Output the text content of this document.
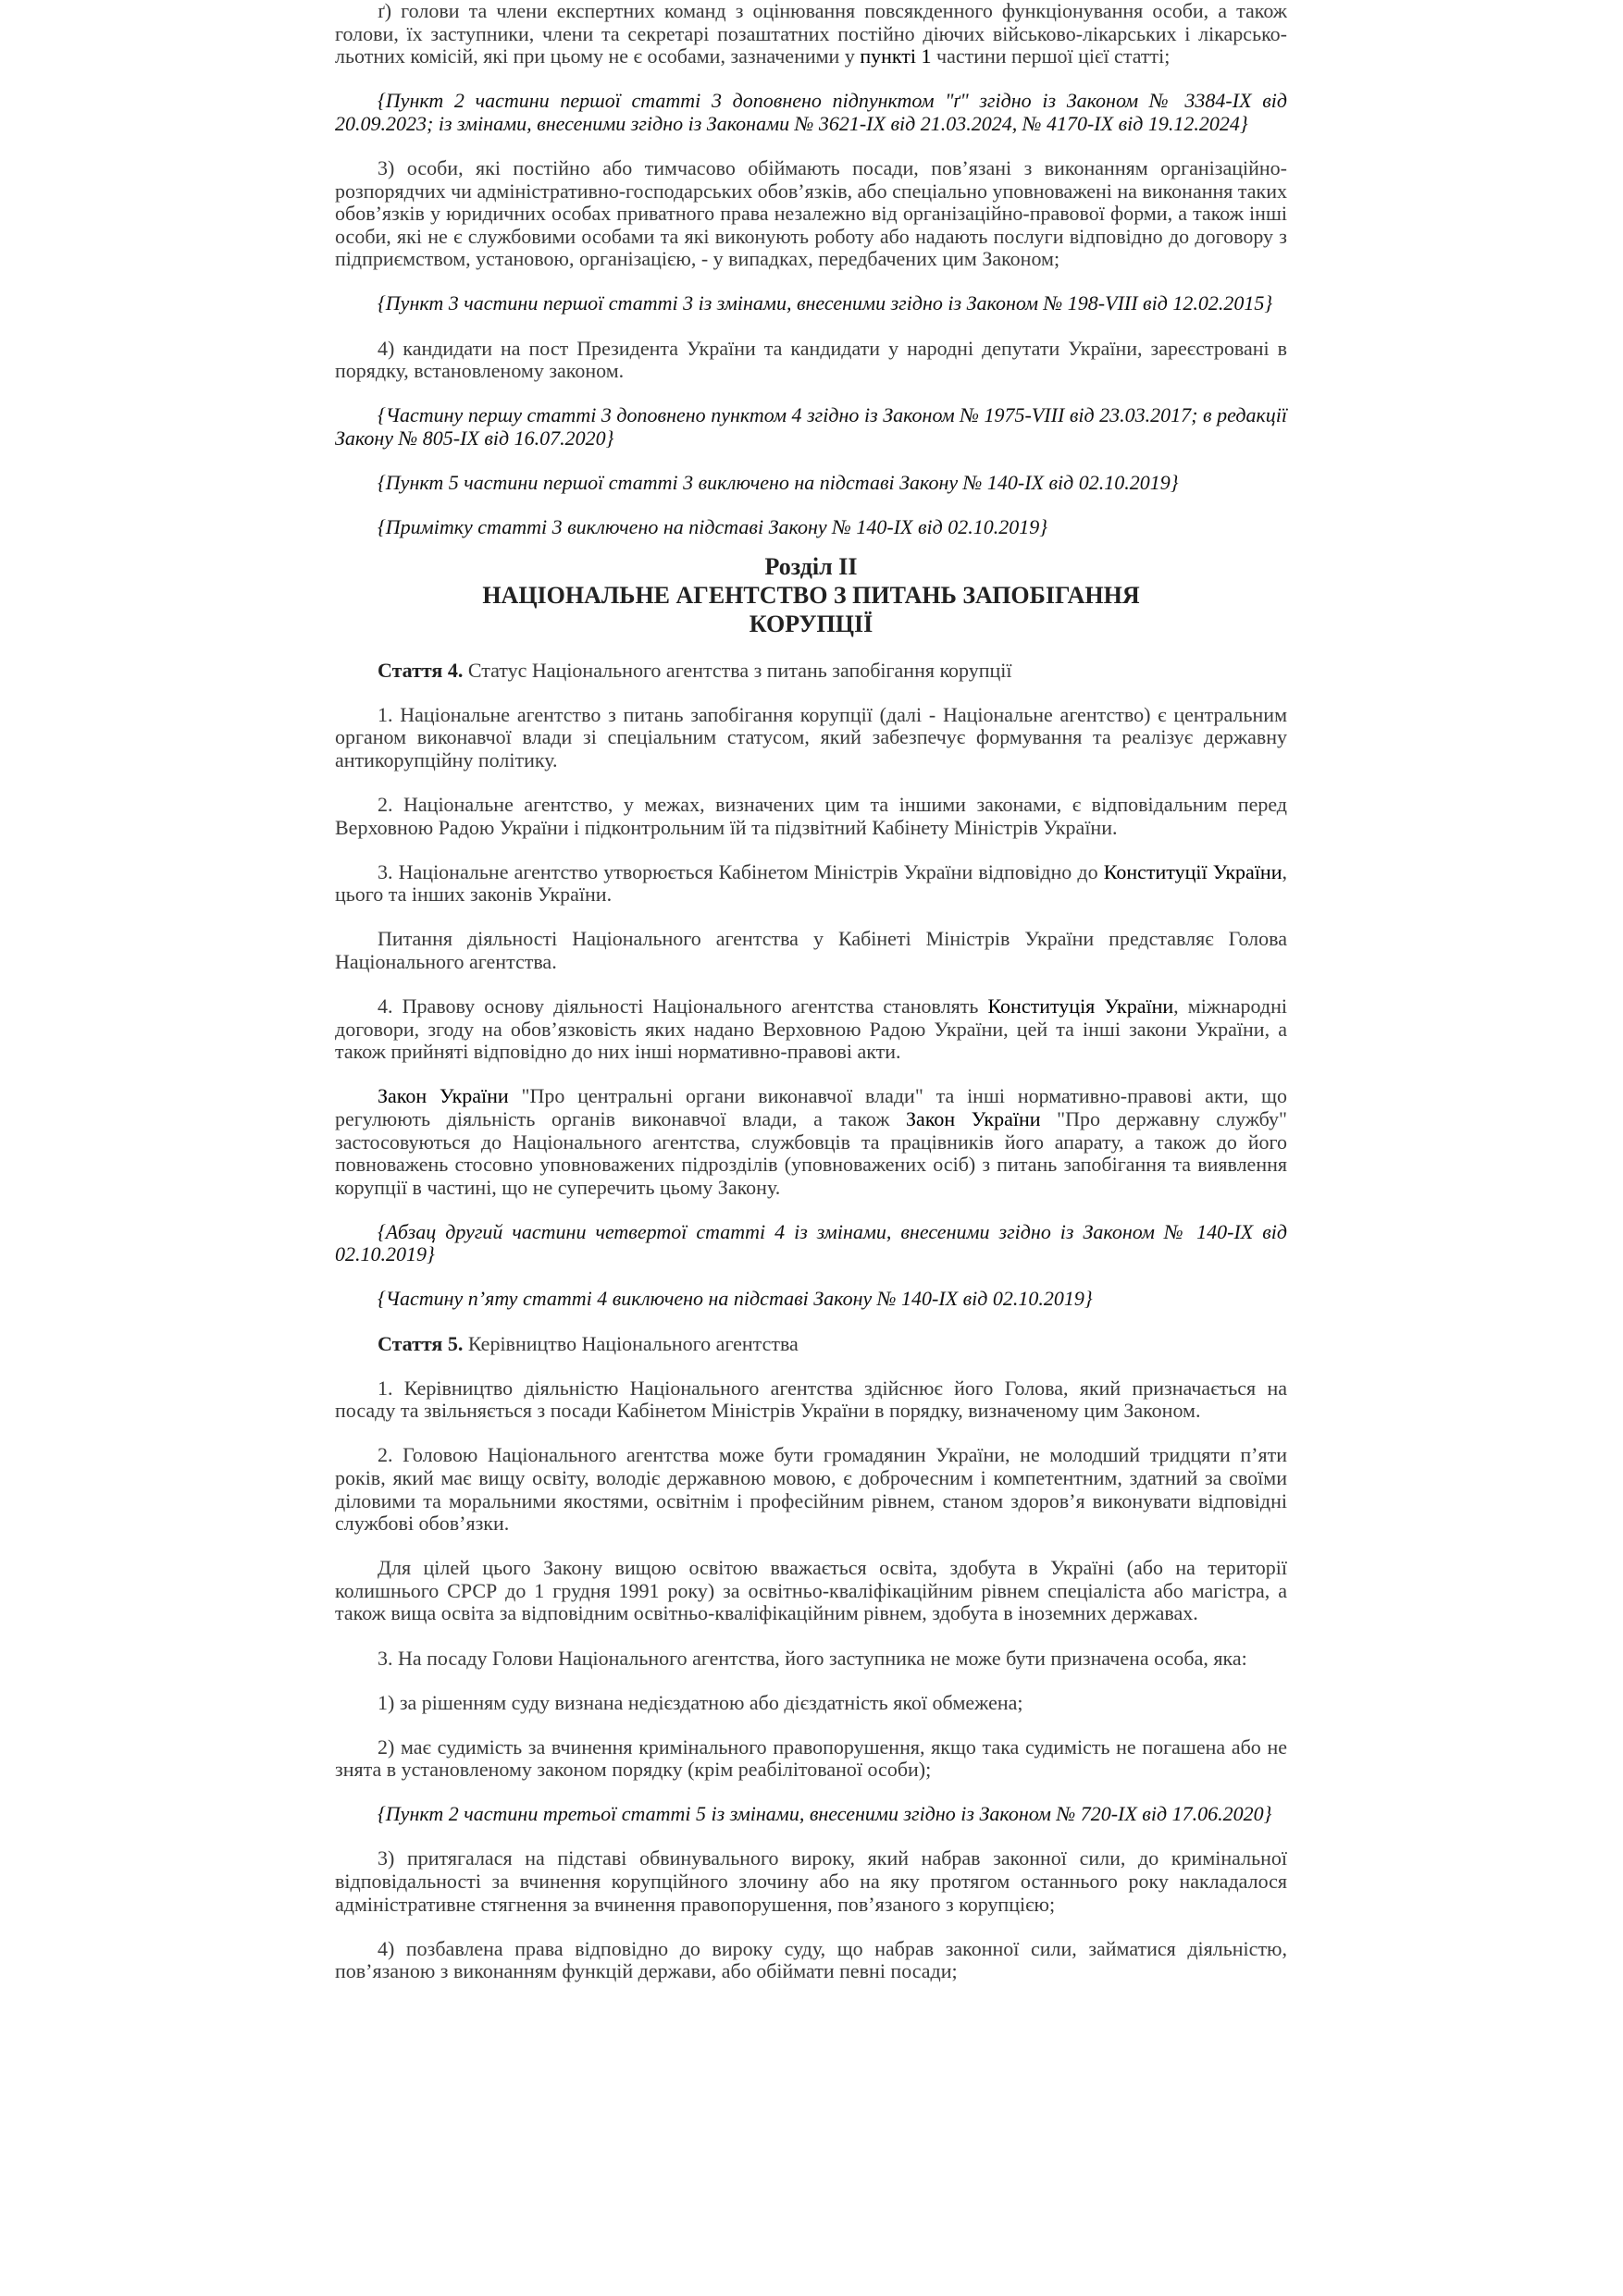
ґ) голови та члени експертних команд з оцінювання повсякденного функціонування особи, а також голови, їх заступники, члени та секретарі позаштатних постійно діючих військово-лікарських і лікарсько-льотних комісій, які при цьому не є особами, зазначеними у пункті 1 частини першої цієї статті;

{Пункт 2 частини першої статті 3 доповнено підпунктом "ґ" згідно із Законом № 3384-IX від 20.09.2023; із змінами, внесеними згідно із Законами № 3621-IX від 21.03.2024, № 4170-IX від 19.12.2024}

3) особи, які постійно або тимчасово обіймають посади, пов’язані з виконанням організаційно-розпорядчих чи адміністративно-господарських обов’язків, або спеціально уповноважені на виконання таких обов’язків у юридичних особах приватного права незалежно від організаційно-правової форми, а також інші особи, які не є службовими особами та які виконують роботу або надають послуги відповідно до договору з підприємством, установою, організацією, - у випадках, передбачених цим Законом;

{Пункт 3 частини першої статті 3 із змінами, внесеними згідно із Законом № 198-VIII від 12.02.2015}

4) кандидати на пост Президента України та кандидати у народні депутати України, зареєстровані в порядку, встановленому законом.

{Частину першу статті 3 доповнено пунктом 4 згідно із Законом № 1975-VIII від 23.03.2017; в редакції Закону № 805-IX від 16.07.2020}

{Пункт 5 частини першої статті 3 виключено на підставі Закону № 140-IX від 02.10.2019}

{Примітку статті 3 виключено на підставі Закону № 140-IX від 02.10.2019}

Розділ II
НАЦІОНАЛЬНЕ АГЕНТСТВО З ПИТАНЬ ЗАПОБІГАННЯ КОРУПЦІЇ

Стаття 4. Статус Національного агентства з питань запобігання корупції

1. Національне агентство з питань запобігання корупції (далі - Національне агентство) є центральним органом виконавчої влади зі спеціальним статусом, який забезпечує формування та реалізує державну антикорупційну політику.

2. Національне агентство, у межах, визначених цим та іншими законами, є відповідальним перед Верховною Радою України і підконтрольним їй та підзвітний Кабінету Міністрів України.

3. Національне агентство утворюється Кабінетом Міністрів України відповідно до Конституції України, цього та інших законів України.

Питання діяльності Національного агентства у Кабінеті Міністрів України представляє Голова Національного агентства.

4. Правову основу діяльності Національного агентства становлять Конституція України, міжнародні договори, згоду на обов’язковість яких надано Верховною Радою України, цей та інші закони України, а також прийняті відповідно до них інші нормативно-правові акти.

Закон України "Про центральні органи виконавчої влади" та інші нормативно-правові акти, що регулюють діяльність органів виконавчої влади, а також Закон України "Про державну службу" застосовуються до Національного агентства, службовців та працівників його апарату, а також до його повноважень стосовно уповноважених підрозділів (уповноважених осіб) з питань запобігання та виявлення корупції в частині, що не суперечить цьому Закону.

{Абзац другий частини четвертої статті 4 із змінами, внесеними згідно із Законом № 140-IX від 02.10.2019}

{Частину п’яту статті 4 виключено на підставі Закону № 140-IX від 02.10.2019}

Стаття 5. Керівництво Національного агентства

1. Керівництво діяльністю Національного агентства здійснює його Голова, який призначається на посаду та звільняється з посади Кабінетом Міністрів України в порядку, визначеному цим Законом.

2. Головою Національного агентства може бути громадянин України, не молодший тридцяти п’яти років, який має вищу освіту, володіє державною мовою, є доброчесним і компетентним, здатний за своїми діловими та моральними якостями, освітнім і професійним рівнем, станом здоров’я виконувати відповідні службові обов’язки.

Для цілей цього Закону вищою освітою вважається освіта, здобута в Україні (або на території колишнього СРСР до 1 грудня 1991 року) за освітньо-кваліфікаційним рівнем спеціаліста або магістра, а також вища освіта за відповідним освітньо-кваліфікаційним рівнем, здобута в іноземних державах.

3. На посаду Голови Національного агентства, його заступника не може бути призначена особа, яка:

1) за рішенням суду визнана недієздатною або дієздатність якої обмежена;

2) має судимість за вчинення кримінального правопорушення, якщо така судимість не погашена або не знята в установленому законом порядку (крім реабілітованої особи);

{Пункт 2 частини третьої статті 5 із змінами, внесеними згідно із Законом № 720-IX від 17.06.2020}

3) притягалася на підставі обвинувального вироку, який набрав законної сили, до кримінальної відповідальності за вчинення корупційного злочину або на яку протягом останнього року накладалося адміністративне стягнення за вчинення правопорушення, пов’язаного з корупцією;

4) позбавлена права відповідно до вироку суду, що набрав законної сили, займатися діяльністю, пов’язаною з виконанням функцій держави, або обіймати певні посади;
